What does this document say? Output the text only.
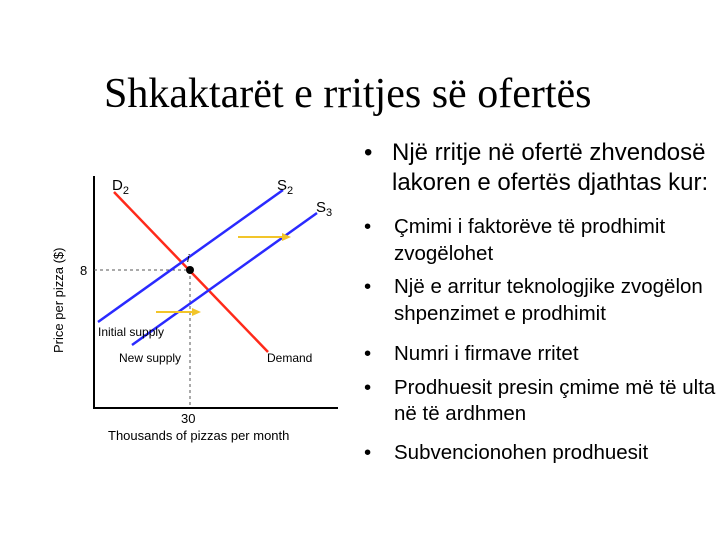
Shkaktarët e rritjes së ofertës
i
$D_2$	$S_2$
$S_3$
Initial supply
New supply	Demand
8
30
Thousands of pizzas per month
Price per pizza ($)
• Një rritje në ofertë zhvendosë lakoren e ofertës djathtas kur:
• Çmimi i faktorëve të prodhimit zvogëlohet
• Një e arritur teknologjike zvogëlon shpenzimet e prodhimit
• Numri i firmave rritet
• Prodhuesit presin çmime më të ulta në të ardhmen
• Subvencionohen prodhuesit
